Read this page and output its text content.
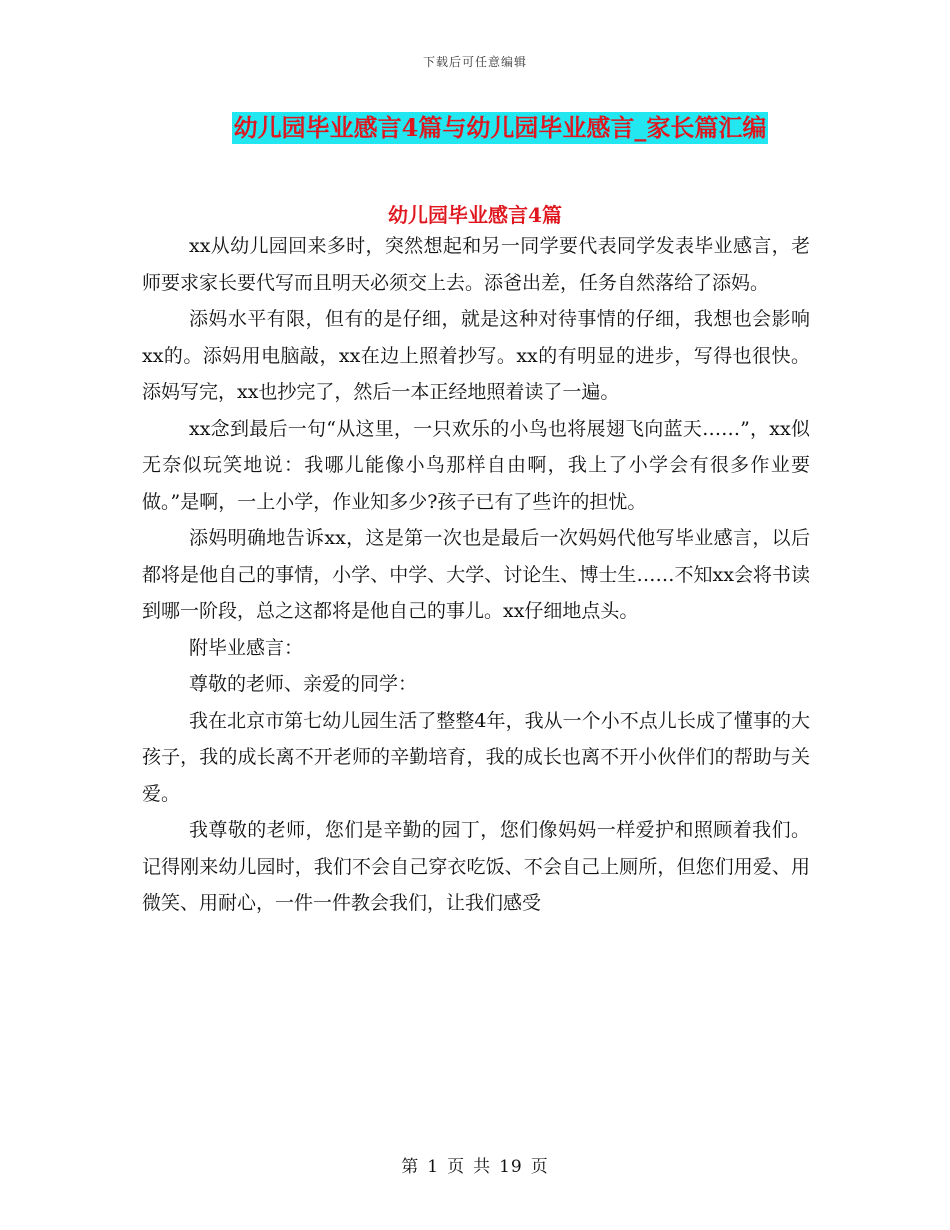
下载后可任意编辑
幼儿园毕业感言4篇与幼儿园毕业感言_家长篇汇编
幼儿园毕业感言4篇

xx从幼儿园回来多时，突然想起和另一同学要代表同学发表毕业感言，老师要求家长要代写而且明天必须交上去。添爸出差，任务自然落给了添妈。

添妈水平有限，但有的是仔细，就是这种对待事情的仔细，我想也会影响xx的。添妈用电脑敲，xx在边上照着抄写。xx的有明显的进步，写得也很快。添妈写完，xx也抄完了，然后一本正经地照着读了一遍。

xx念到最后一句“从这里，一只欢乐的小鸟也将展翅飞向蓝天……”，xx似无奈似玩笑地说：我哪儿能像小鸟那样自由啊，我上了小学会有很多作业要做。”是啊，一上小学，作业知多少?孩子已有了些许的担忧。

添妈明确地告诉xx，这是第一次也是最后一次妈妈代他写毕业感言，以后都将是他自己的事情，小学、中学、大学、讨论生、博士生……不知xx会将书读到哪一阶段，总之这都将是他自己的事儿。xx仔细地点头。

附毕业感言：

尊敬的老师、亲爱的同学：

我在北京市第七幼儿园生活了整整4年，我从一个小不点儿长成了懂事的大孩子，我的成长离不开老师的辛勤培育，我的成长也离不开小伙伴们的帮助与关爱。

我尊敬的老师，您们是辛勤的园丁，您们像妈妈一样爱护和照顾着我们。记得刚来幼儿园时，我们不会自己穿衣吃饭、不会自己上厕所，但您们用爱、用微笑、用耐心，一件一件教会我们，让我们感受

第 1 页 共 19 页
